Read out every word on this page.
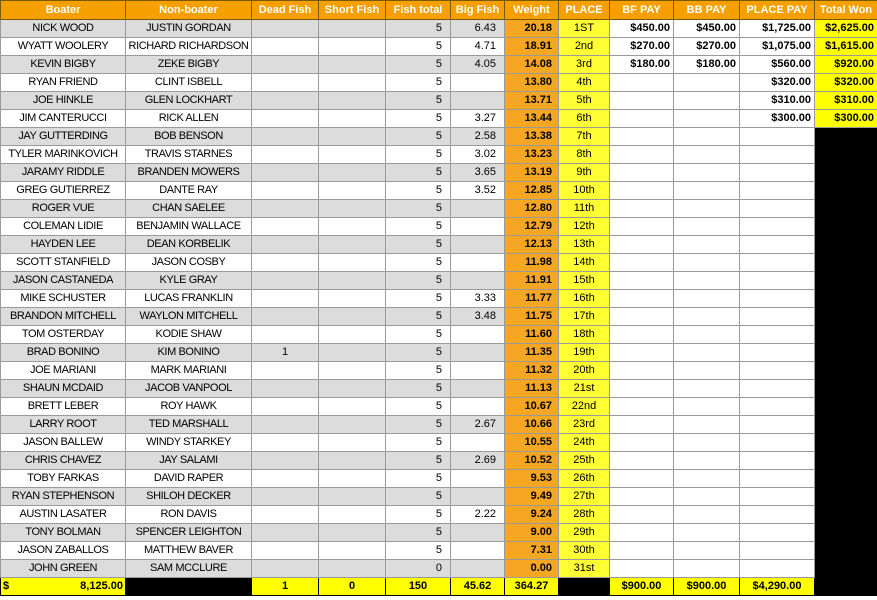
Boater	Non-boater	Dead Fish	Short Fish	Fish total	Big Fish	Weight	PLACE	BF PAY	BB PAY	PLACE PAY	Total Won
NICK WOOD	JUSTIN GORDAN			5	6.43	20.18	1ST	$450.00	$450.00	$1,725.00	$2,625.00
WYATT WOOLERY	RICHARD RICHARDSON			5	4.71	18.91	2nd	$270.00	$270.00	$1,075.00	$1,615.00
KEVIN BIGBY	ZEKE BIGBY			5	4.05	14.08	3rd	$180.00	$180.00	$560.00	$920.00
RYAN FRIEND	CLINT ISBELL			5		13.80	4th			$320.00	$320.00
JOE HINKLE	GLEN LOCKHART			5		13.71	5th			$310.00	$310.00
JIM CANTERUCCI	RICK ALLEN			5	3.27	13.44	6th			$300.00	$300.00
JAY GUTTERDING	BOB BENSON			5	2.58	13.38	7th				
TYLER MARINKOVICH	TRAVIS STARNES			5	3.02	13.23	8th				
JARAMY RIDDLE	BRANDEN MOWERS			5	3.65	13.19	9th				
GREG GUTIERREZ	DANTE RAY			5	3.52	12.85	10th				
ROGER VUE	CHAN SAELEE			5		12.80	11th				
COLEMAN LIDIE	BENJAMIN WALLACE			5		12.79	12th				
HAYDEN LEE	DEAN KORBELIK			5		12.13	13th				
SCOTT STANFIELD	JASON COSBY			5		11.98	14th				
JASON CASTANEDA	KYLE GRAY			5		11.91	15th				
MIKE SCHUSTER	LUCAS FRANKLIN			5	3.33	11.77	16th				
BRANDON MITCHELL	WAYLON MITCHELL			5	3.48	11.75	17th				
TOM OSTERDAY	KODIE SHAW			5		11.60	18th				
BRAD BONINO	KIM BONINO	1		5		11.35	19th				
JOE MARIANI	MARK MARIANI			5		11.32	20th				
SHAUN MCDAID	JACOB VANPOOL			5		11.13	21st				
BRETT LEBER	ROY HAWK			5		10.67	22nd				
LARRY ROOT	TED MARSHALL			5	2.67	10.66	23rd				
JASON BALLEW	WINDY STARKEY			5		10.55	24th				
CHRIS CHAVEZ	JAY SALAMI			5	2.69	10.52	25th				
TOBY FARKAS	DAVID RAPER			5		9.53	26th				
RYAN STEPHENSON	SHILOH DECKER			5		9.49	27th				
AUSTIN LASATER	RON DAVIS			5	2.22	9.24	28th				
TONY BOLMAN	SPENCER LEIGHTON			5		9.00	29th				
JASON ZABALLOS	MATTHEW BAVER			5		7.31	30th				
JOHN GREEN	SAM MCCLURE			0		0.00	31st				
$ 8,125.00		1	0	150	45.62	364.27		$900.00	$900.00	$4,290.00	
